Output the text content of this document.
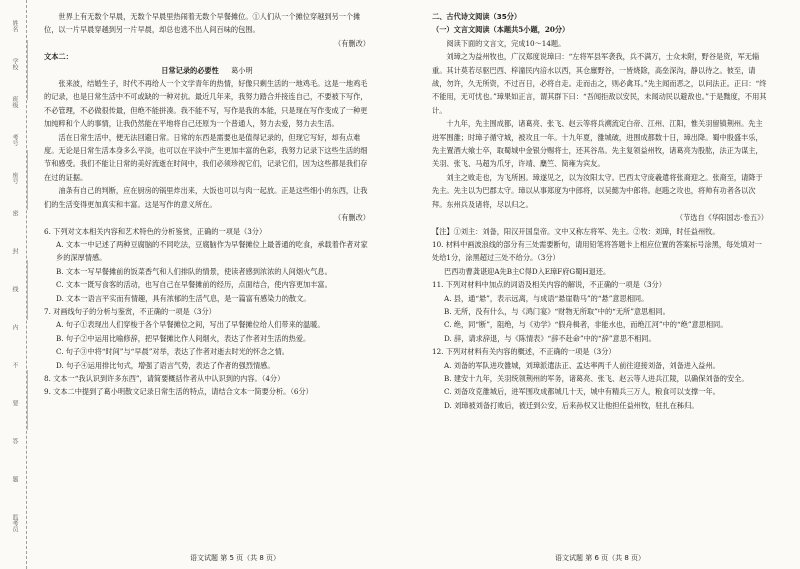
姓名
学校
班级
考号
座号
密
封
线
内
不
要
答
题
监考员

世界上有无数个早晨，无数个早晨里热闹着无数个早餐摊位。①人们从一个摊位穿越到另一个摊位，以一片早晨穿越到另一片早晨，却总也逃不出人间百味的包围。

（有删改）

文本二：

日常记录的必要性 葛小明

张来波，结婚生子，时代不再给人一个文学青年的热情，好像只剩生活的一地鸡毛。这是一地鸡毛的记录，也是日常生活中不可或缺的一种对抗。最近几年来，我努力踏合并接连自己，不要被下写作，不必管理，不必做很传最，但绝不能拼凑。我不能不写，写作是我的本能，只是现在写作变成了一种更加纯粹和个人的事情，让我仍然能在平地将自己还原为一个普通人，努力去爱，努力去生活。

活在日常生活中，便无法回避日常。日常的东西是需要也是值得记录的，但现它写好，却有点难度。无论是日常生活本身多么平淡，也可以在平淡中产生更加丰富的色彩，我努力记录下这些生活的细节和感受。我们不能让日常的美好流逝在时间中，我们必须珍视它们，记录它们，因为这些都是我们存在过的证据。

油条有自己的判断，应在厨房的锅里炸出来，大饭也可以与肉一起放。正是这些细小的东西，让我们的生活变得更加真实和丰富。这是写作的意义所在。

（有删改）

6. 下列对文本相关内容和艺术特色的分析鉴赏，正确的一项是（3分）

A. 文本一中记述了两种豆腐脑的不同吃法，豆腐脑作为早餐摊位上最普通的吃食，承载着作者对家乡的深厚情感。

B. 文本一写早餐摊前的饭菜香气和人们排队的情景，使读者感到浓浓的人间烟火气息。

C. 文本一既写食客的活动，也写自己在早餐摊前的经历，点面结合，使内容更加丰富。

D. 文本一语言平实而有情趣，具有浓郁的生活气息，是一篇富有感染力的散文。

7. 对画线句子的分析与鉴赏，不正确的一项是（3分）

A. 句子①表现出人们穿梭于各个早餐摊位之间，写出了早餐摊位给人们带来的温暖。

B. 句子②中运用比喻修辞，把早餐摊比作人间烟火，表达了作者对生活的热爱。

C. 句子③中将“时间”与“早晨”对举，表达了作者对逝去时光的怀念之情。

D. 句子④运用排比句式，增强了语言气势，表达了作者的强烈情感。

8. 文本一“我认识到许多东西”，请简要概括作者从中认识到的内容。（4分）

9. 文本二中提到了葛小明散文记录日常生活的特点，请结合文本一简要分析。（6分）

二、古代诗文阅读（35分）

（一）文言文阅读（本题共5小题，20分）

阅读下面的文言文，完成10～14题。

刘璋之为益州牧也，广汉郑度说璋曰：“左将军县军袭我，兵不满万，士众未附，野谷是资，军无辎重。其计莫若尽驱巴西、梓潼民内涪水以西，其仓廪野谷，一皆烧除，高垒深沟，静以待之。彼至，请战，勿许，久无所资，不过百日，必将自走。走而击之，则必禽耳。”先主闻而恶之，以问法正。正曰：“终不能用，无可忧也。”璋果如正言，谓其群下曰：“吾闻拒敌以安民，未闻动民以避敌也。”于是黜度，不用其计。

十九年，先主围成都，诸葛亮、张飞、赵云等将兵溯流定白帝、江州、江阳，惟关羽留镇荆州。先主进军围雒；时璋子循守城，被攻且一年。十九年夏，雒城破，进围成都数十日，璋出降。蜀中殷盛丰乐，先主置酒大飨士卒，取蜀城中金银分赐将士，还其谷帛。先主复领益州牧，诸葛亮为股肱，法正为谋主，关羽、张飞、马超为爪牙，许靖、麋竺、简雍为宾友。

刘主之败走也，为飞所困。璋遂见之，以为汝阳太守。巴西太守庞羲遣将张裔迎之。张裔至，请降于先主。先主以为巴郡太守。璋以从事郑度为中郎将，以吴懿为中郎将。赵韪之攻也，将帅有功者各以次拜。东州兵及诸将，尽以归之。

（节选自《华阳国志·卷五》）

【注】①刘主：刘备，阳汉开国皇帝。文中又称左将军、先主。②牧：刘璋，时任益州牧。

10. 材料中画波浪线的部分有三处需要断句，请用铅笔将答题卡上相应位置的答案标号涂黑，每处填对一处给1分，涂黑超过三处不给分。（3分）

巴西功曹龚谌迎A先B主C得D入E璋F府G蜀H退还。

11. 下列对材料中加点的词语及相关内容的解说，不正确的一项是（3分）

A. 县，通“悬”，表示远离，与成语“悬崖勒马”的“悬”意思相同。

B. 无所，没有什么，与《鸿门宴》“财物无所取”中的“无所”意思相同。

C. 绝，同“断”，阻绝，与《劝学》“假舟楫者，非能水也，而绝江河”中的“绝”意思相同。

D. 辞，请求辞退，与《陈情表》“辞不赴命”中的“辞”意思不相同。

12. 下列对材料有关内容的概述，不正确的一项是（3分）

A. 刘备的军队进攻雒城，刘璋派遣法正、孟达率两千人前往迎接刘备，刘备进入益州。

B. 建安十九年，关羽统领荆州的军务，诸葛亮、张飞、赵云等人进兵江陵，以确保刘备的安全。

C. 刘备攻克雒城后，进军围攻成都城几十天，城中有精兵三万人，粮食可以支撑一年。

D. 刘璋被刘备打败后，被迁到公安，后来孙权又让他担任益州牧，驻扎在秭归。

语文试题 第 5 页（共 8 页）	语文试题 第 6 页（共 8 页）
